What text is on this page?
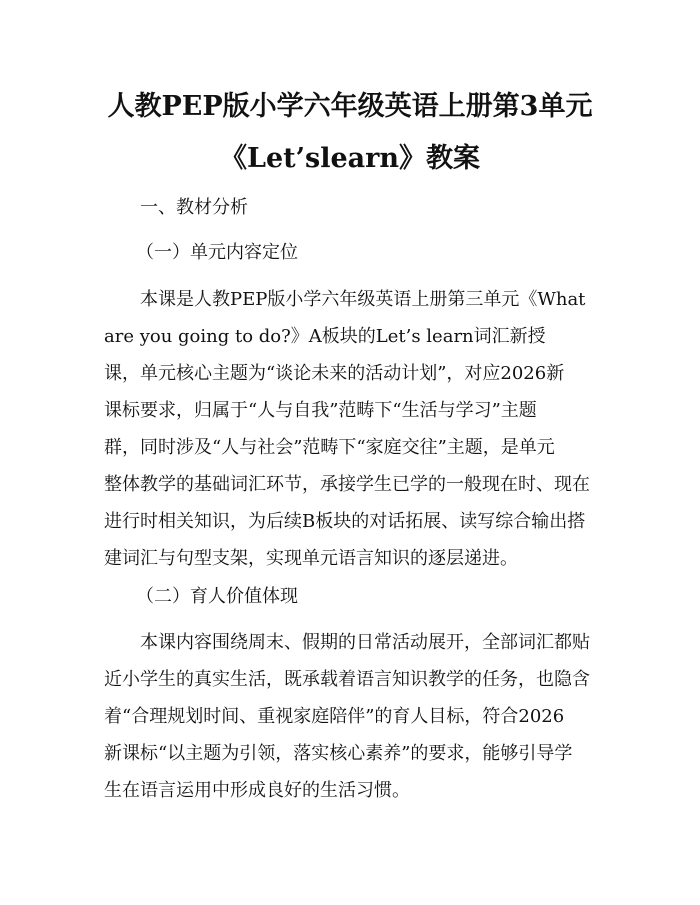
人教PEP版小学六年级英语上册第3单元
《Let’slearn》教案
一、教材分析
（一）单元内容定位
本课是人教PEP版小学六年级英语上册第三单元《What
are you going to do?》A板块的Let’s learn词汇新授
课，单元核心主题为“谈论未来的活动计划”，对应2026新
课标要求，归属于“人与自我”范畴下“生活与学习”主题
群，同时涉及“人与社会”范畴下“家庭交往”主题，是单元
整体教学的基础词汇环节，承接学生已学的一般现在时、现在
进行时相关知识，为后续B板块的对话拓展、读写综合输出搭
建词汇与句型支架，实现单元语言知识的逐层递进。
（二）育人价值体现
本课内容围绕周末、假期的日常活动展开，全部词汇都贴
近小学生的真实生活，既承载着语言知识教学的任务，也隐含
着“合理规划时间、重视家庭陪伴”的育人目标，符合2026
新课标“以主题为引领，落实核心素养”的要求，能够引导学
生在语言运用中形成良好的生活习惯。
